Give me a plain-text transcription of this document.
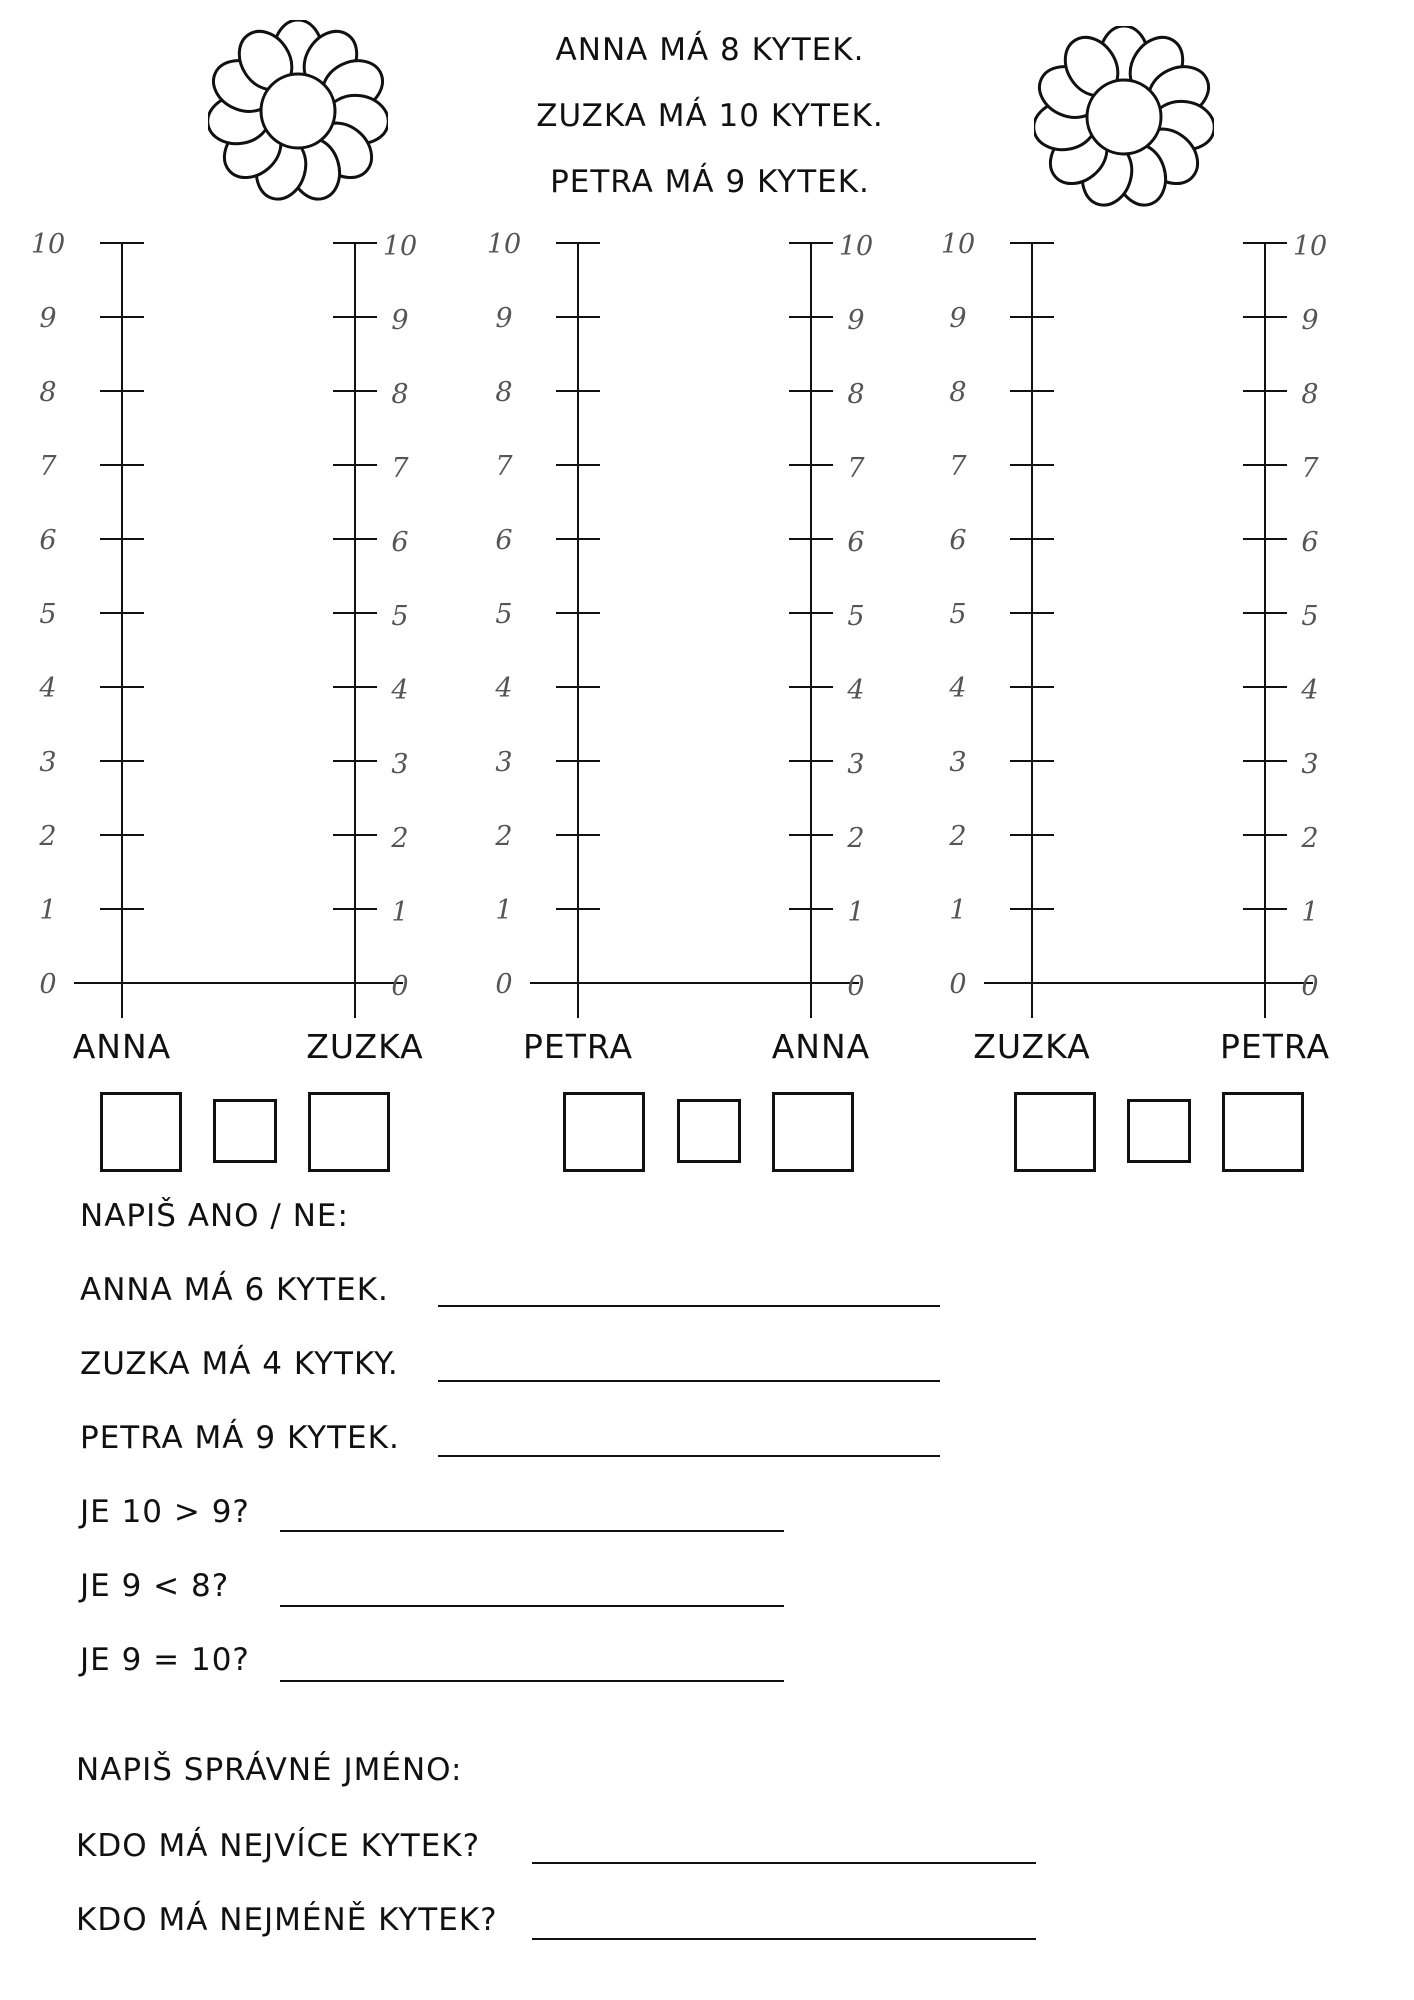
ANNA MÁ 8 KYTEK.
ZUZKA MÁ 10 KYTEK.
PETRA MÁ 9 KYTEK.
0	0
1	1
2	2
3	3
4	4
5	5
6	6
7	7
8	8
9	9
10	10
ANNA	ZUZKA
0	0
1	1
2	2
3	3
4	4
5	5
6	6
7	7
8	8
9	9
10	10
PETRA	ANNA
0	0
1	1
2	2
3	3
4	4
5	5
6	6
7	7
8	8
9	9
10	10
ZUZKA	PETRA
NAPIŠ ANO / NE:
ANNA MÁ 6 KYTEK.
ZUZKA MÁ 4 KYTKY.
PETRA MÁ 9 KYTEK.
JE 10 > 9?
JE 9 < 8?
JE 9 = 10?
NAPIŠ SPRÁVNÉ JMÉNO:
KDO MÁ NEJVÍCE KYTEK?
KDO MÁ NEJMÉNĚ KYTEK?
